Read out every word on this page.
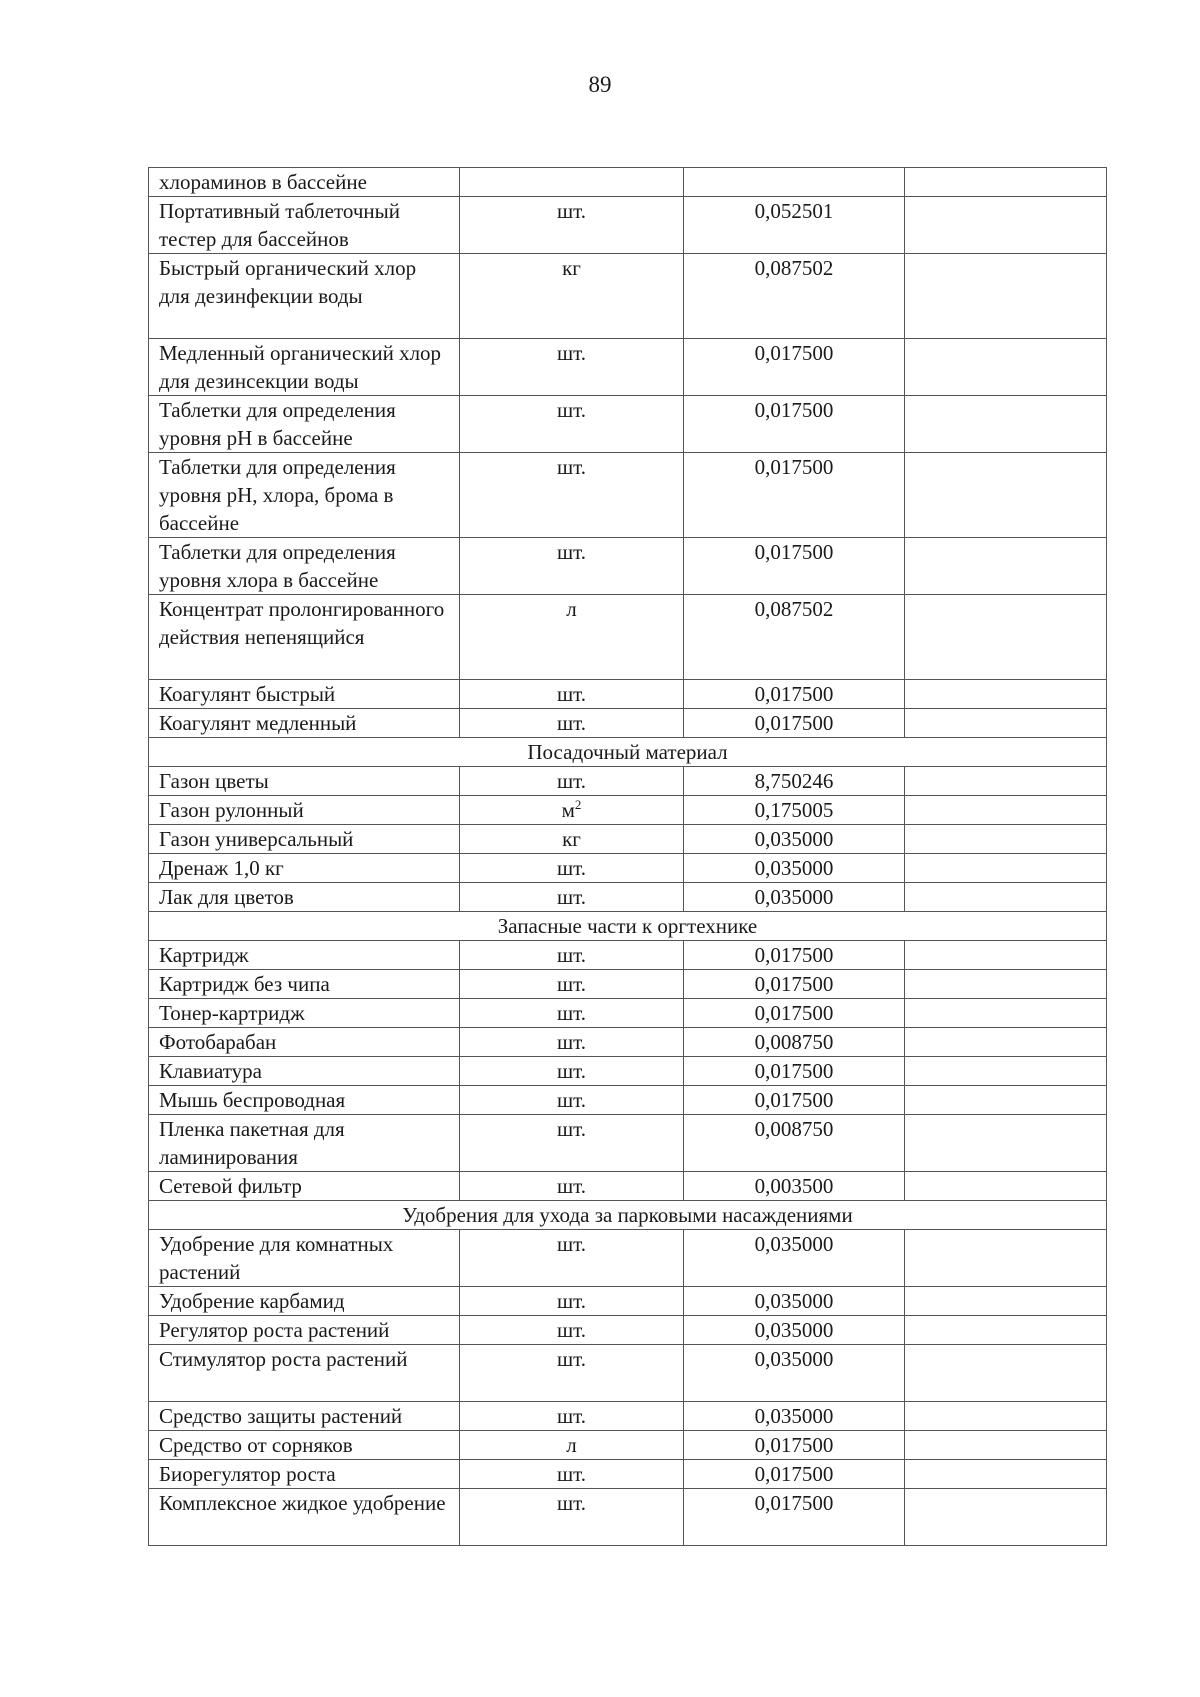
89
хлораминов в бассейне			
Портативный таблеточный тестер для бассейнов	шт.	0,052501	
Быстрый органический хлор для дезинфекции воды	кг	0,087502	
Медленный органический хлор для дезинсекции воды	шт.	0,017500	
Таблетки для определения уровня pH в бассейне	шт.	0,017500	
Таблетки для определения уровня pH, хлора, брома в бассейне	шт.	0,017500	
Таблетки для определения уровня хлора в бассейне	шт.	0,017500	
Концентрат пролонгированного действия непенящийся	л	0,087502	
Коагулянт быстрый	шт.	0,017500	
Коагулянт медленный	шт.	0,017500	
Посадочный материал			
Газон цветы	шт.	8,750246	
Газон рулонный	$м^2$	0,175005	
Газон универсальный	кг	0,035000	
Дренаж 1,0 кг	шт.	0,035000	
Лак для цветов	шт.	0,035000	
Запасные части к оргтехнике			
Картридж	шт.	0,017500	
Картридж без чипа	шт.	0,017500	
Тонер-картридж	шт.	0,017500	
Фотобарабан	шт.	0,008750	
Клавиатура	шт.	0,017500	
Мышь беспроводная	шт.	0,017500	
Пленка пакетная для ламинирования	шт.	0,008750	
Сетевой фильтр	шт.	0,003500	
Удобрения для ухода за парковыми насаждениями			
Удобрение для комнатных растений	шт.	0,035000	
Удобрение карбамид	шт.	0,035000	
Регулятор роста растений	шт.	0,035000	
Стимулятор роста растений	шт.	0,035000	
Средство защиты растений	шт.	0,035000	
Средство от сорняков	л	0,017500	
Биорегулятор роста	шт.	0,017500	
Комплексное жидкое удобрение	шт.	0,017500	
